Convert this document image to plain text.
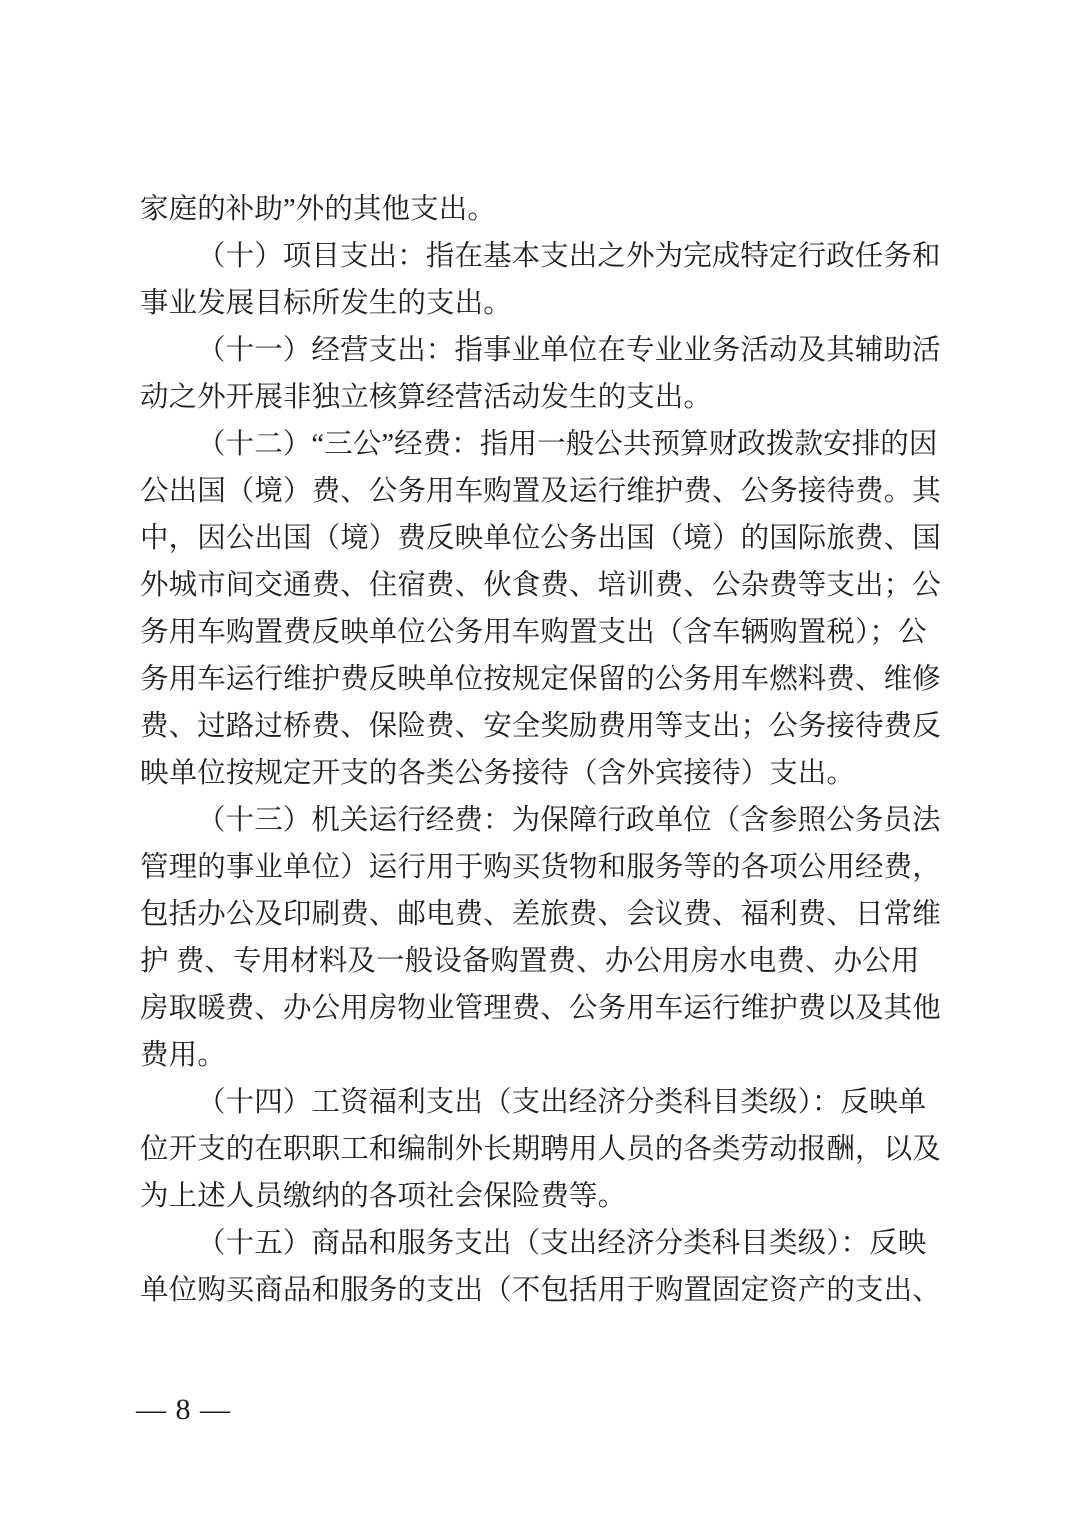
家庭的补助”外的其他支出。
（十）项目支出：指在基本支出之外为完成特定行政任务和
事业发展目标所发生的支出。
（十一）经营支出：指事业单位在专业业务活动及其辅助活
动之外开展非独立核算经营活动发生的支出。
（十二）“三公”经费：指用一般公共预算财政拨款安排的因
公出国（境）费、公务用车购置及运行维护费、公务接待费。其
中，因公出国（境）费反映单位公务出国（境）的国际旅费、国
外城市间交通费、住宿费、伙食费、培训费、公杂费等支出；公
务用车购置费反映单位公务用车购置支出（含车辆购置税）；公
务用车运行维护费反映单位按规定保留的公务用车燃料费、维修
费、过路过桥费、保险费、安全奖励费用等支出；公务接待费反
映单位按规定开支的各类公务接待（含外宾接待）支出。
（十三）机关运行经费：为保障行政单位（含参照公务员法
管理的事业单位）运行用于购买货物和服务等的各项公用经费，
包括办公及印刷费、邮电费、差旅费、会议费、福利费、日常维
护 费、专用材料及一般设备购置费、办公用房水电费、办公用
房取暖费、办公用房物业管理费、公务用车运行维护费以及其他
费用。
（十四）工资福利支出（支出经济分类科目类级）：反映单
位开支的在职职工和编制外长期聘用人员的各类劳动报酬，以及
为上述人员缴纳的各项社会保险费等。
（十五）商品和服务支出（支出经济分类科目类级）：反映
单位购买商品和服务的支出（不包括用于购置固定资产的支出、
— 8 —
